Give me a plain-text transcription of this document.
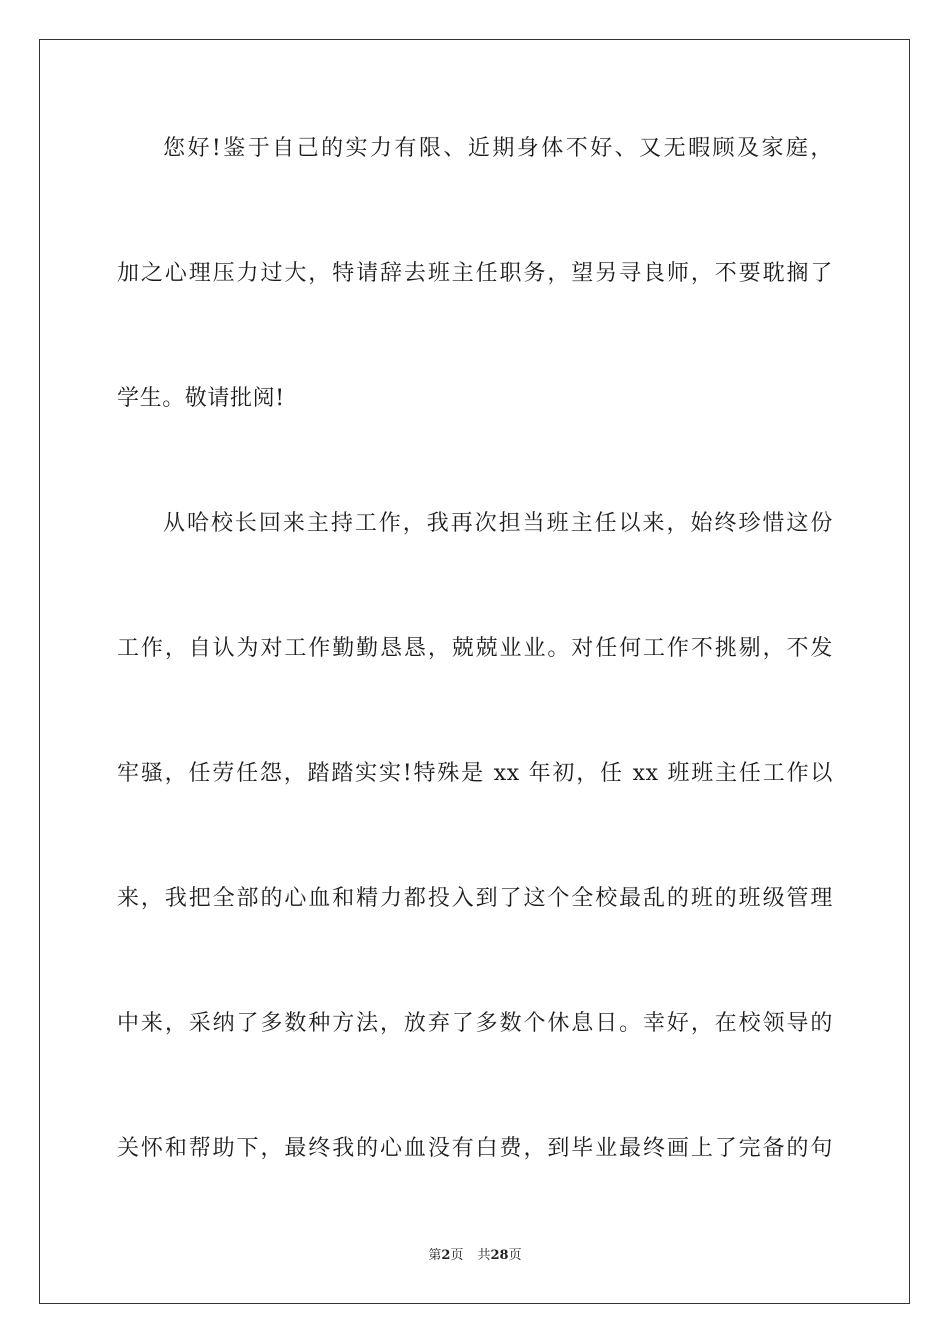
您好!鉴于自己的实力有限、近期身体不好、又无暇顾及家庭，
加之心理压力过大，特请辞去班主任职务，望另寻良师，不要耽搁了
学生。敬请批阅!
从哈校长回来主持工作，我再次担当班主任以来，始终珍惜这份
工作，自认为对工作勤勤恳恳，兢兢业业。对任何工作不挑剔，不发
牢骚，任劳任怨，踏踏实实!特殊是 xx 年初，任 xx 班班主任工作以
来，我把全部的心血和精力都投入到了这个全校最乱的班的班级管理
中来，采纳了多数种方法，放弃了多数个休息日。幸好，在校领导的
关怀和帮助下，最终我的心血没有白费，到毕业最终画上了完备的句
第2页 共28页
